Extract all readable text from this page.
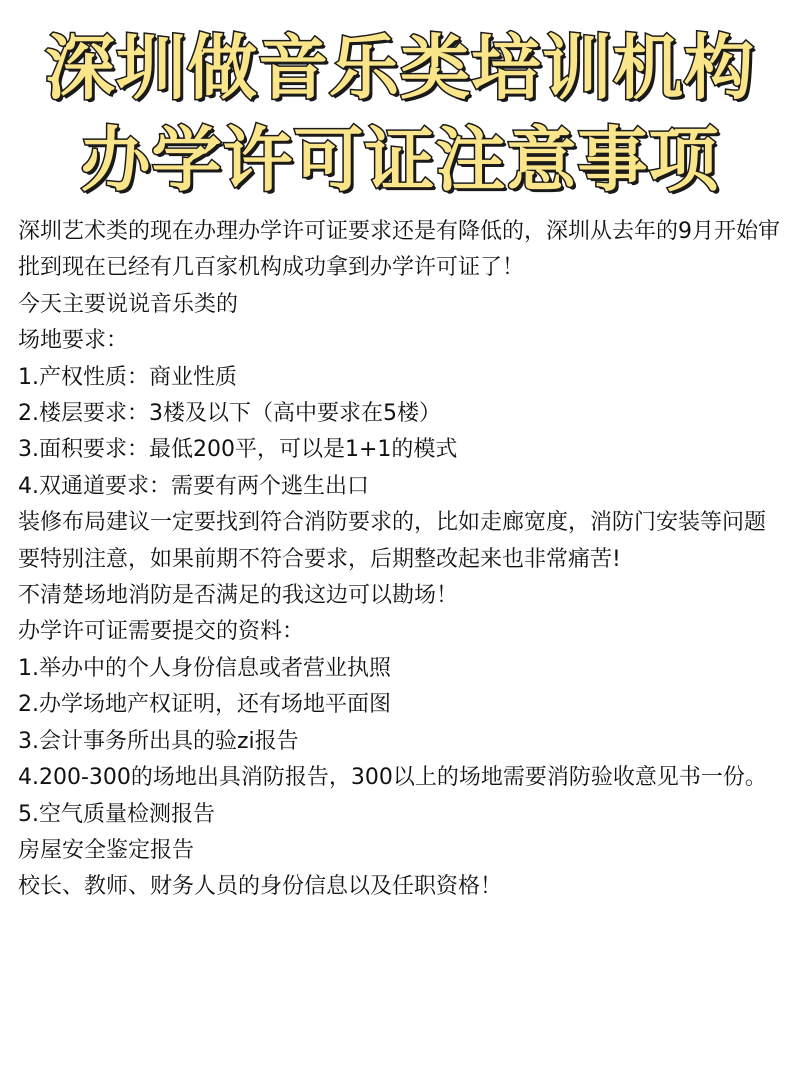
深圳做音乐类培训机构
办学许可证注意事项

深圳艺术类的现在办理办学许可证要求还是有降低的，深圳从去年的9月开始审批到现在已经有几百家机构成功拿到办学许可证了！

今天主要说说音乐类的

场地要求：

1.产权性质：商业性质

2.楼层要求：3楼及以下（高中要求在5楼）

3.面积要求：最低200平，可以是1+1的模式

4.双通道要求：需要有两个逃生出口

装修布局建议一定要找到符合消防要求的，比如走廊宽度，消防门安装等问题要特别注意，如果前期不符合要求，后期整改起来也非常痛苦!

不清楚场地消防是否满足的我这边可以勘场！

办学许可证需要提交的资料：

1.举办中的个人身份信息或者营业执照

2.办学场地产权证明，还有场地平面图

3.会计事务所出具的验zi报告

4.200-300的场地出具消防报告，300以上的场地需要消防验收意见书一份。

5.空气质量检测报告

房屋安全鉴定报告

校长、教师、财务人员的身份信息以及任职资格！
